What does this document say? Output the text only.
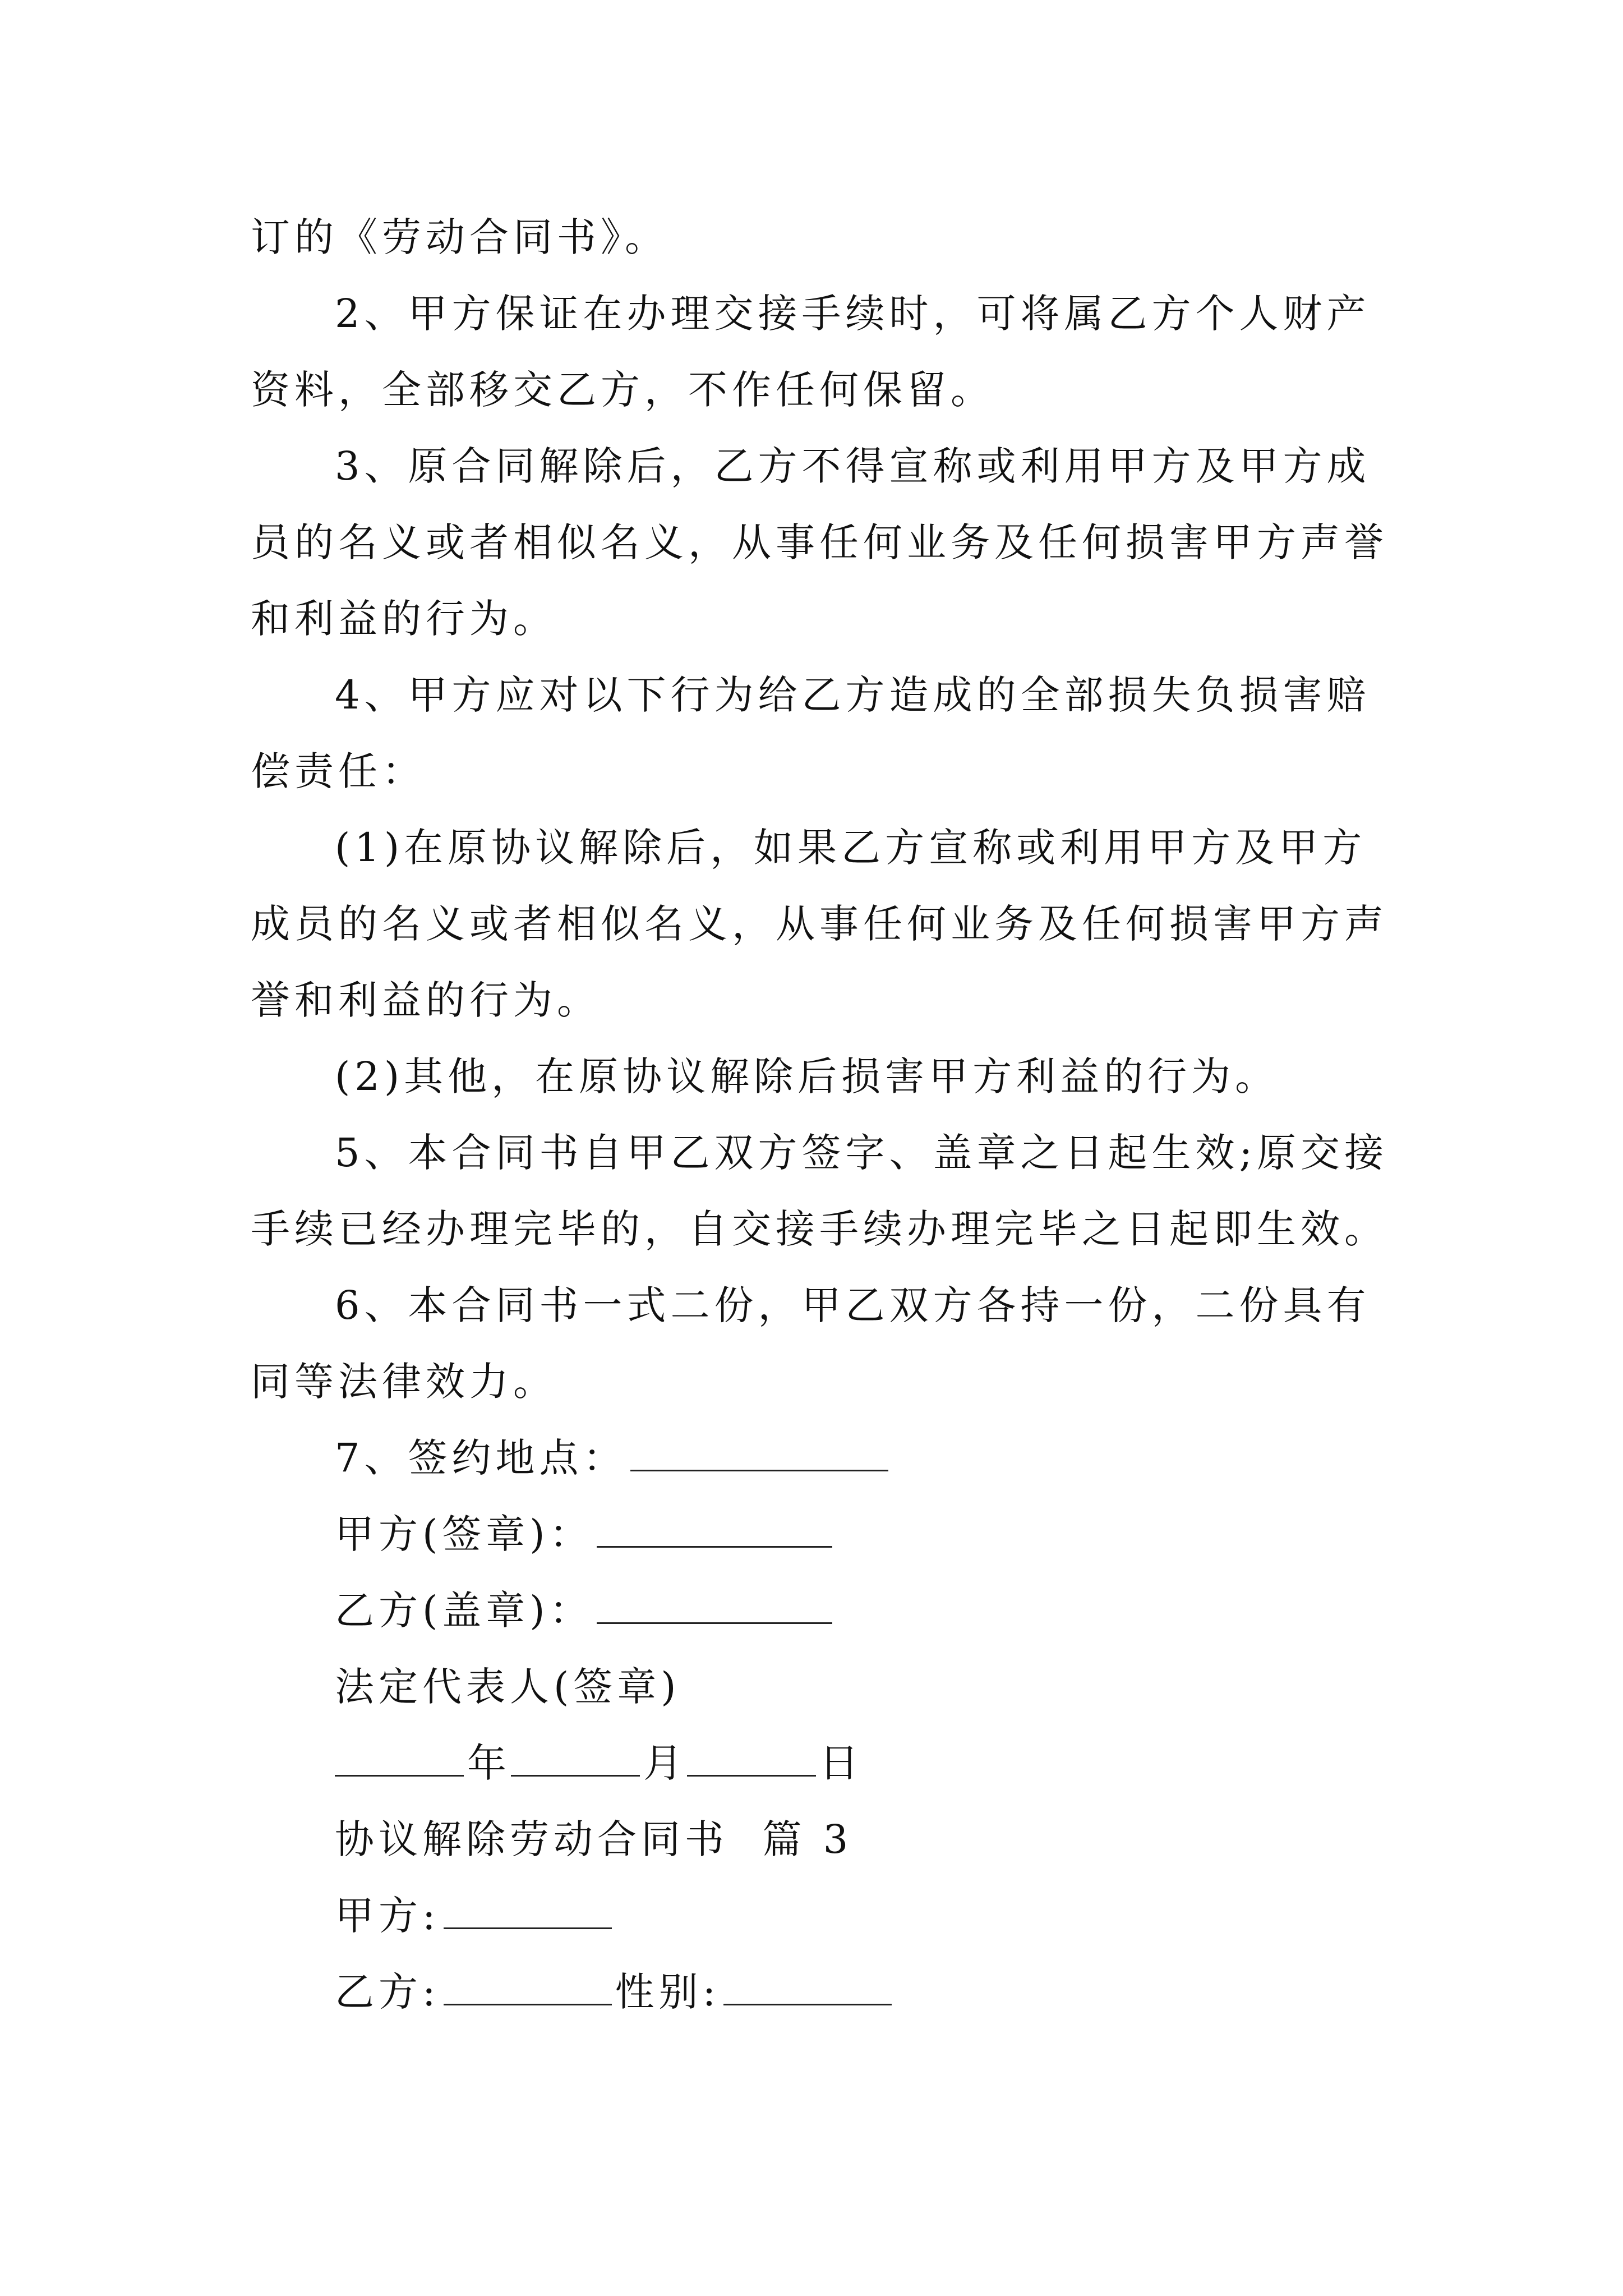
订的《劳动合同书》。

2、甲方保证在办理交接手续时，可将属乙方个人财产资料，全部移交乙方，不作任何保留。

3、原合同解除后，乙方不得宣称或利用甲方及甲方成员的名义或者相似名义，从事任何业务及任何损害甲方声誉和利益的行为。

4、甲方应对以下行为给乙方造成的全部损失负损害赔偿责任：

(1)在原协议解除后，如果乙方宣称或利用甲方及甲方成员的名义或者相似名义，从事任何业务及任何损害甲方声誉和利益的行为。

(2)其他，在原协议解除后损害甲方利益的行为。

5、本合同书自甲乙双方签字、盖章之日起生效;原交接手续已经办理完毕的，自交接手续办理完毕之日起即生效。

6、本合同书一式二份，甲乙双方各持一份，二份具有同等法律效力。

7、签约地点：

甲方(签章)：

乙方(盖章)：

法定代表人(签章)

年	月	日

协议解除劳动合同书  篇 3

甲方:

乙方:	性别:
